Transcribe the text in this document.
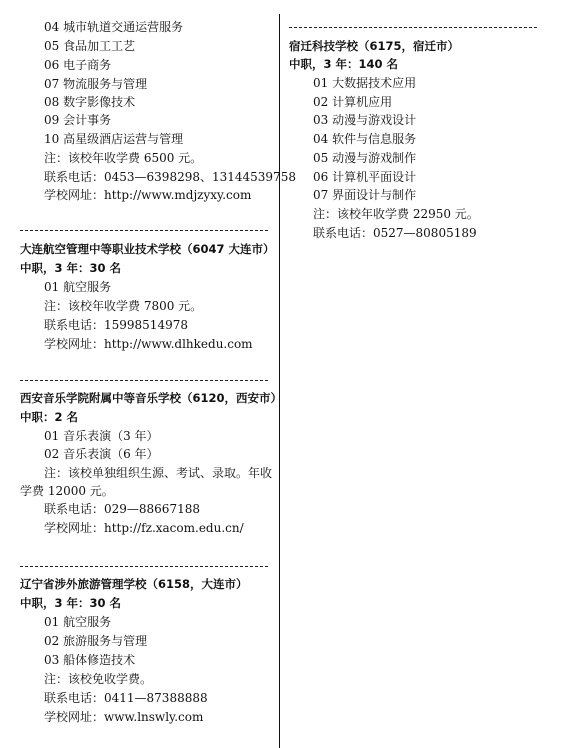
04 城市轨道交通运营服务
05 食品加工工艺
06 电子商务
07 物流服务与管理
08 数字影像技术
09 会计事务
10 高星级酒店运营与管理
注：该校年收学费 6500 元。
联系电话：0453—6398298、13144539758
学校网址：http://www.mdjzyxy.com
大连航空管理中等职业技术学校（6047 大连市）
中职，3 年：30 名
01 航空服务
注：该校年收学费 7800 元。
联系电话：15998514978
学校网址：http://www.dlhkedu.com
西安音乐学院附属中等音乐学校（6120，西安市）
中职：2 名
01 音乐表演（3 年）
02 音乐表演（6 年）
注：该校单独组织生源、考试、录取。年收
学费 12000 元。
联系电话：029—88667188
学校网址：http://fz.xacom.edu.cn/
辽宁省涉外旅游管理学校（6158，大连市）
中职，3 年：30 名
01 航空服务
02 旅游服务与管理
03 船体修造技术
注：该校免收学费。
联系电话：0411—87388888
学校网址：www.lnswly.com
宿迁科技学校（6175，宿迁市）
中职，3 年：140 名
01 大数据技术应用
02 计算机应用
03 动漫与游戏设计
04 软件与信息服务
05 动漫与游戏制作
06 计算机平面设计
07 界面设计与制作
注：该校年收学费 22950 元。
联系电话：0527—80805189
